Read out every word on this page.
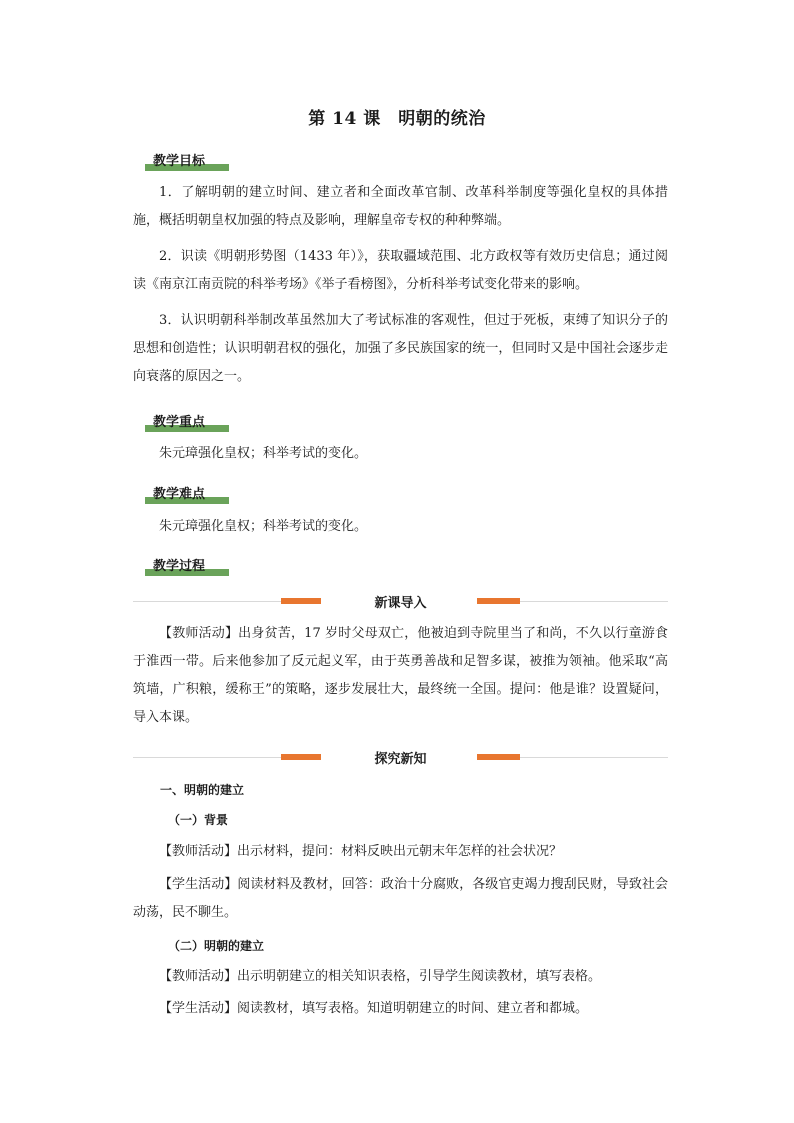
第 14 课　明朝的统治
教学目标
1．了解明朝的建立时间、建立者和全面改革官制、改革科举制度等强化皇权的具体措施，概括明朝皇权加强的特点及影响，理解皇帝专权的种种弊端。
2．识读《明朝形势图（1433 年）》，获取疆域范围、北方政权等有效历史信息；通过阅读《南京江南贡院的科举考场》《举子看榜图》，分析科举考试变化带来的影响。
3．认识明朝科举制改革虽然加大了考试标准的客观性，但过于死板，束缚了知识分子的思想和创造性；认识明朝君权的强化，加强了多民族国家的统一，但同时又是中国社会逐步走向衰落的原因之一。
教学重点
朱元璋强化皇权；科举考试的变化。
教学难点
朱元璋强化皇权；科举考试的变化。
教学过程
新课导入
【教师活动】出身贫苦，17 岁时父母双亡，他被迫到寺院里当了和尚，不久以行童游食于淮西一带。后来他参加了反元起义军，由于英勇善战和足智多谋，被推为领袖。他采取“高筑墙，广积粮，缓称王”的策略，逐步发展壮大，最终统一全国。提问：他是谁？设置疑问，导入本课。
探究新知
一、明朝的建立
（一）背景
【教师活动】出示材料，提问：材料反映出元朝末年怎样的社会状况？
【学生活动】阅读材料及教材，回答：政治十分腐败，各级官吏竭力搜刮民财，导致社会动荡，民不聊生。
（二）明朝的建立
【教师活动】出示明朝建立的相关知识表格，引导学生阅读教材，填写表格。
【学生活动】阅读教材，填写表格。知道明朝建立的时间、建立者和都城。
